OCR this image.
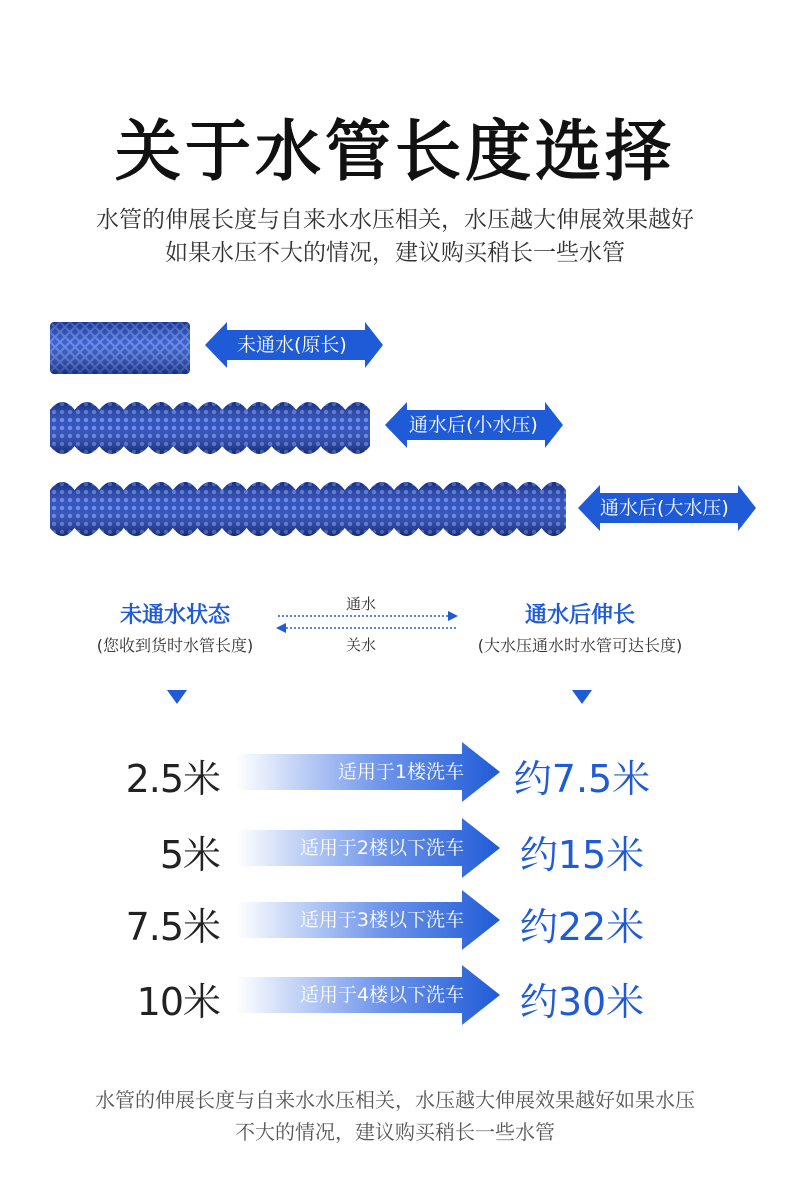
关于水管长度选择
水管的伸展长度与自来水水压相关，水压越大伸展效果越好
如果水压不大的情况，建议购买稍长一些水管
未通水(原长)
通水后(小水压)
通水后(大水压)
未通水状态
(您收到货时水管长度)
通水后伸长
(大水压通水时水管可达长度)
通水
关水
2.5米	适用于1楼洗车 约7.5米
5米	适用于2楼以下洗车 约15米
7.5米	适用于3楼以下洗车 约22米
10米	适用于4楼以下洗车 约30米
水管的伸展长度与自来水水压相关，水压越大伸展效果越好如果水压
不大的情况，建议购买稍长一些水管
